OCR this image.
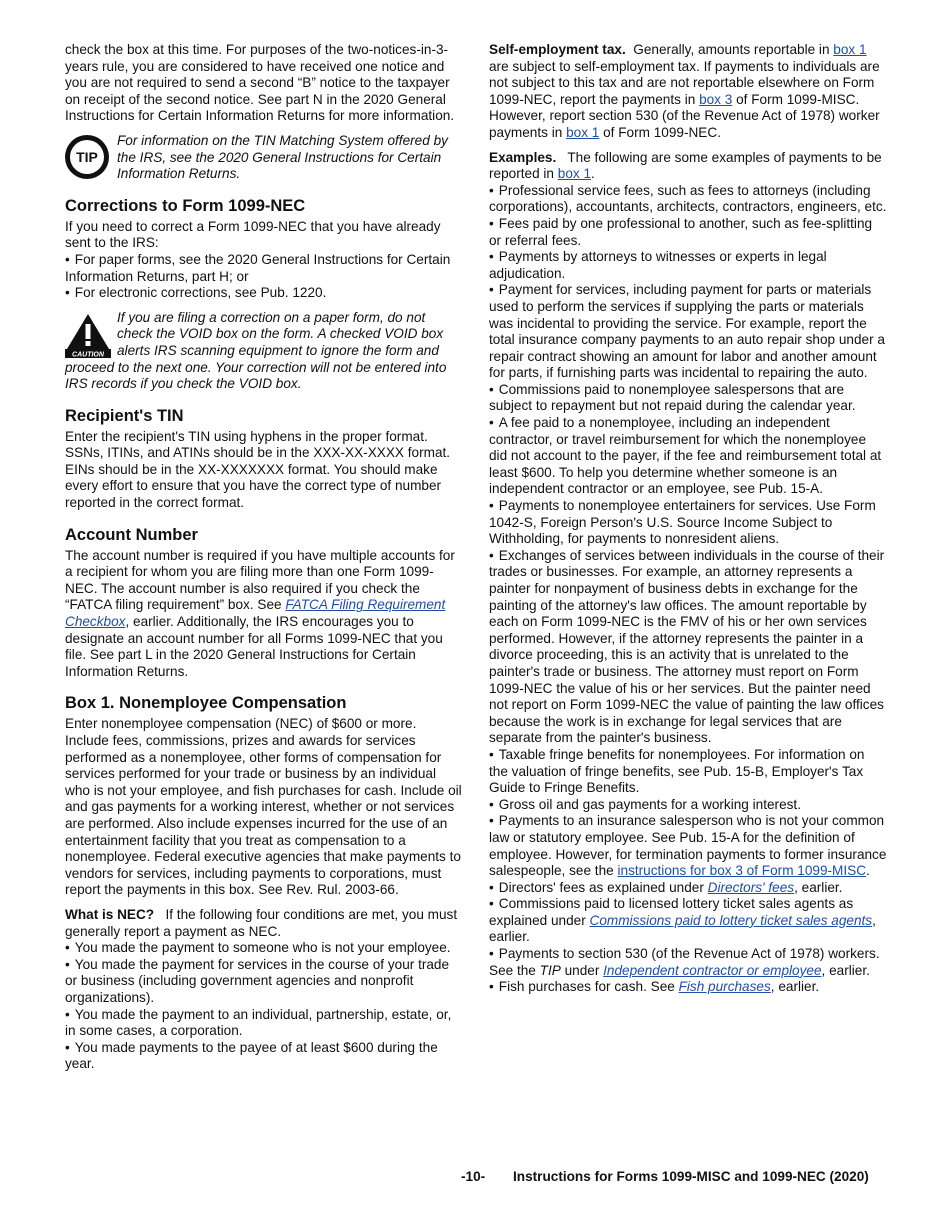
check the box at this time. For purposes of the two-notices-in-3-years rule, you are considered to have received one notice and you are not required to send a second “B” notice to the taxpayer on receipt of the second notice. See part N in the 2020 General Instructions for Certain Information Returns for more information.

TIP
For information on the TIN Matching System offered by the IRS, see the 2020 General Instructions for Certain Information Returns.
Corrections to Form 1099-NEC

If you need to correct a Form 1099-NEC that you have already sent to the IRS:

• For paper forms, see the 2020 General Instructions for Certain Information Returns, part H; or

• For electronic corrections, see Pub. 1220.

CAUTION
If you are filing a correction on a paper form, do not check the VOID box on the form. A checked VOID box alerts IRS scanning equipment to ignore the form and proceed to the next one. Your correction will not be entered into IRS records if you check the VOID box.
Recipient's TIN

Enter the recipient's TIN using hyphens in the proper format. SSNs, ITINs, and ATINs should be in the XXX-XX-XXXX format. EINs should be in the XX-XXXXXXX format. You should make every effort to ensure that you have the correct type of number reported in the correct format.

Account Number

The account number is required if you have multiple accounts for a recipient for whom you are filing more than one Form 1099-NEC. The account number is also required if you check the “FATCA filing requirement” box. See FATCA Filing Requirement Checkbox, earlier. Additionally, the IRS encourages you to designate an account number for all Forms 1099-NEC that you file. See part L in the 2020 General Instructions for Certain Information Returns.

Box 1. Nonemployee Compensation

Enter nonemployee compensation (NEC) of $600 or more. Include fees, commissions, prizes and awards for services performed as a nonemployee, other forms of compensation for services performed for your trade or business by an individual who is not your employee, and fish purchases for cash. Include oil and gas payments for a working interest, whether or not services are performed. Also include expenses incurred for the use of an entertainment facility that you treat as compensation to a nonemployee. Federal executive agencies that make payments to vendors for services, including payments to corporations, must report the payments in this box. See Rev. Rul. 2003-66.

What is NEC? If the following four conditions are met, you must generally report a payment as NEC.

• You made the payment to someone who is not your employee.

• You made the payment for services in the course of your trade or business (including government agencies and nonprofit organizations).

• You made the payment to an individual, partnership, estate, or, in some cases, a corporation.

• You made payments to the payee of at least $600 during the year.

Self-employment tax. Generally, amounts reportable in box 1 are subject to self-employment tax. If payments to individuals are not subject to this tax and are not reportable elsewhere on Form 1099-NEC, report the payments in box 3 of Form 1099-MISC. However, report section 530 (of the Revenue Act of 1978) worker payments in box 1 of Form 1099-NEC.

Examples. The following are some examples of payments to be reported in box 1.

• Professional service fees, such as fees to attorneys (including corporations), accountants, architects, contractors, engineers, etc.

• Fees paid by one professional to another, such as fee-splitting or referral fees.

• Payments by attorneys to witnesses or experts in legal adjudication.

• Payment for services, including payment for parts or materials used to perform the services if supplying the parts or materials was incidental to providing the service. For example, report the total insurance company payments to an auto repair shop under a repair contract showing an amount for labor and another amount for parts, if furnishing parts was incidental to repairing the auto.

• Commissions paid to nonemployee salespersons that are subject to repayment but not repaid during the calendar year.

• A fee paid to a nonemployee, including an independent contractor, or travel reimbursement for which the nonemployee did not account to the payer, if the fee and reimbursement total at least $600. To help you determine whether someone is an independent contractor or an employee, see Pub. 15-A.

• Payments to nonemployee entertainers for services. Use Form 1042-S, Foreign Person's U.S. Source Income Subject to Withholding, for payments to nonresident aliens.

• Exchanges of services between individuals in the course of their trades or businesses. For example, an attorney represents a painter for nonpayment of business debts in exchange for the painting of the attorney's law offices. The amount reportable by each on Form 1099-NEC is the FMV of his or her own services performed. However, if the attorney represents the painter in a divorce proceeding, this is an activity that is unrelated to the painter's trade or business. The attorney must report on Form 1099-NEC the value of his or her services. But the painter need not report on Form 1099-NEC the value of painting the law offices because the work is in exchange for legal services that are separate from the painter's business.

• Taxable fringe benefits for nonemployees. For information on the valuation of fringe benefits, see Pub. 15-B, Employer's Tax Guide to Fringe Benefits.

• Gross oil and gas payments for a working interest.

• Payments to an insurance salesperson who is not your common law or statutory employee. See Pub. 15-A for the definition of employee. However, for termination payments to former insurance salespeople, see the instructions for box 3 of Form 1099-MISC.

• Directors' fees as explained under Directors' fees, earlier.

• Commissions paid to licensed lottery ticket sales agents as explained under Commissions paid to lottery ticket sales agents, earlier.

• Payments to section 530 (of the Revenue Act of 1978) workers. See the TIP under Independent contractor or employee, earlier.

• Fish purchases for cash. See Fish purchases, earlier.

-10- Instructions for Forms 1099-MISC and 1099-NEC (2020)
